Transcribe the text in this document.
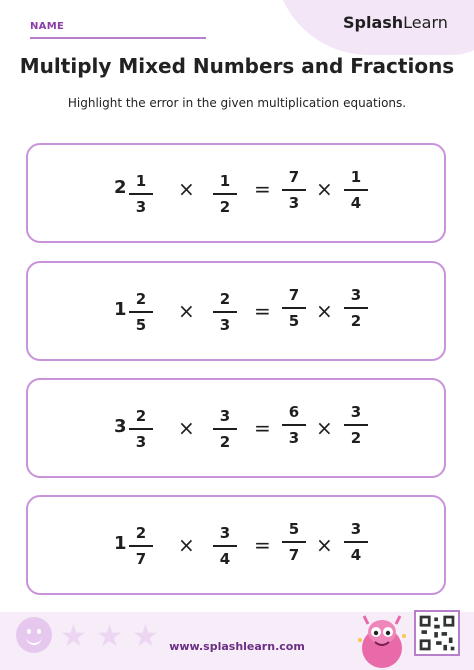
NAME	SplashLearn
Multiply Mixed Numbers and Fractions
Highlight the error in the given multiplication equations.
2 1
3
×	1
2
=	7
3
×	1
4
1 2
5
×	2
3
=
7
5 ×
3
2
3 2
3
×	3
2
=
6
3 ×
3
2
1 2
7
×	3
4
=
5
7 ×
3
4
★ ★ ★ www.splashlearn.com
